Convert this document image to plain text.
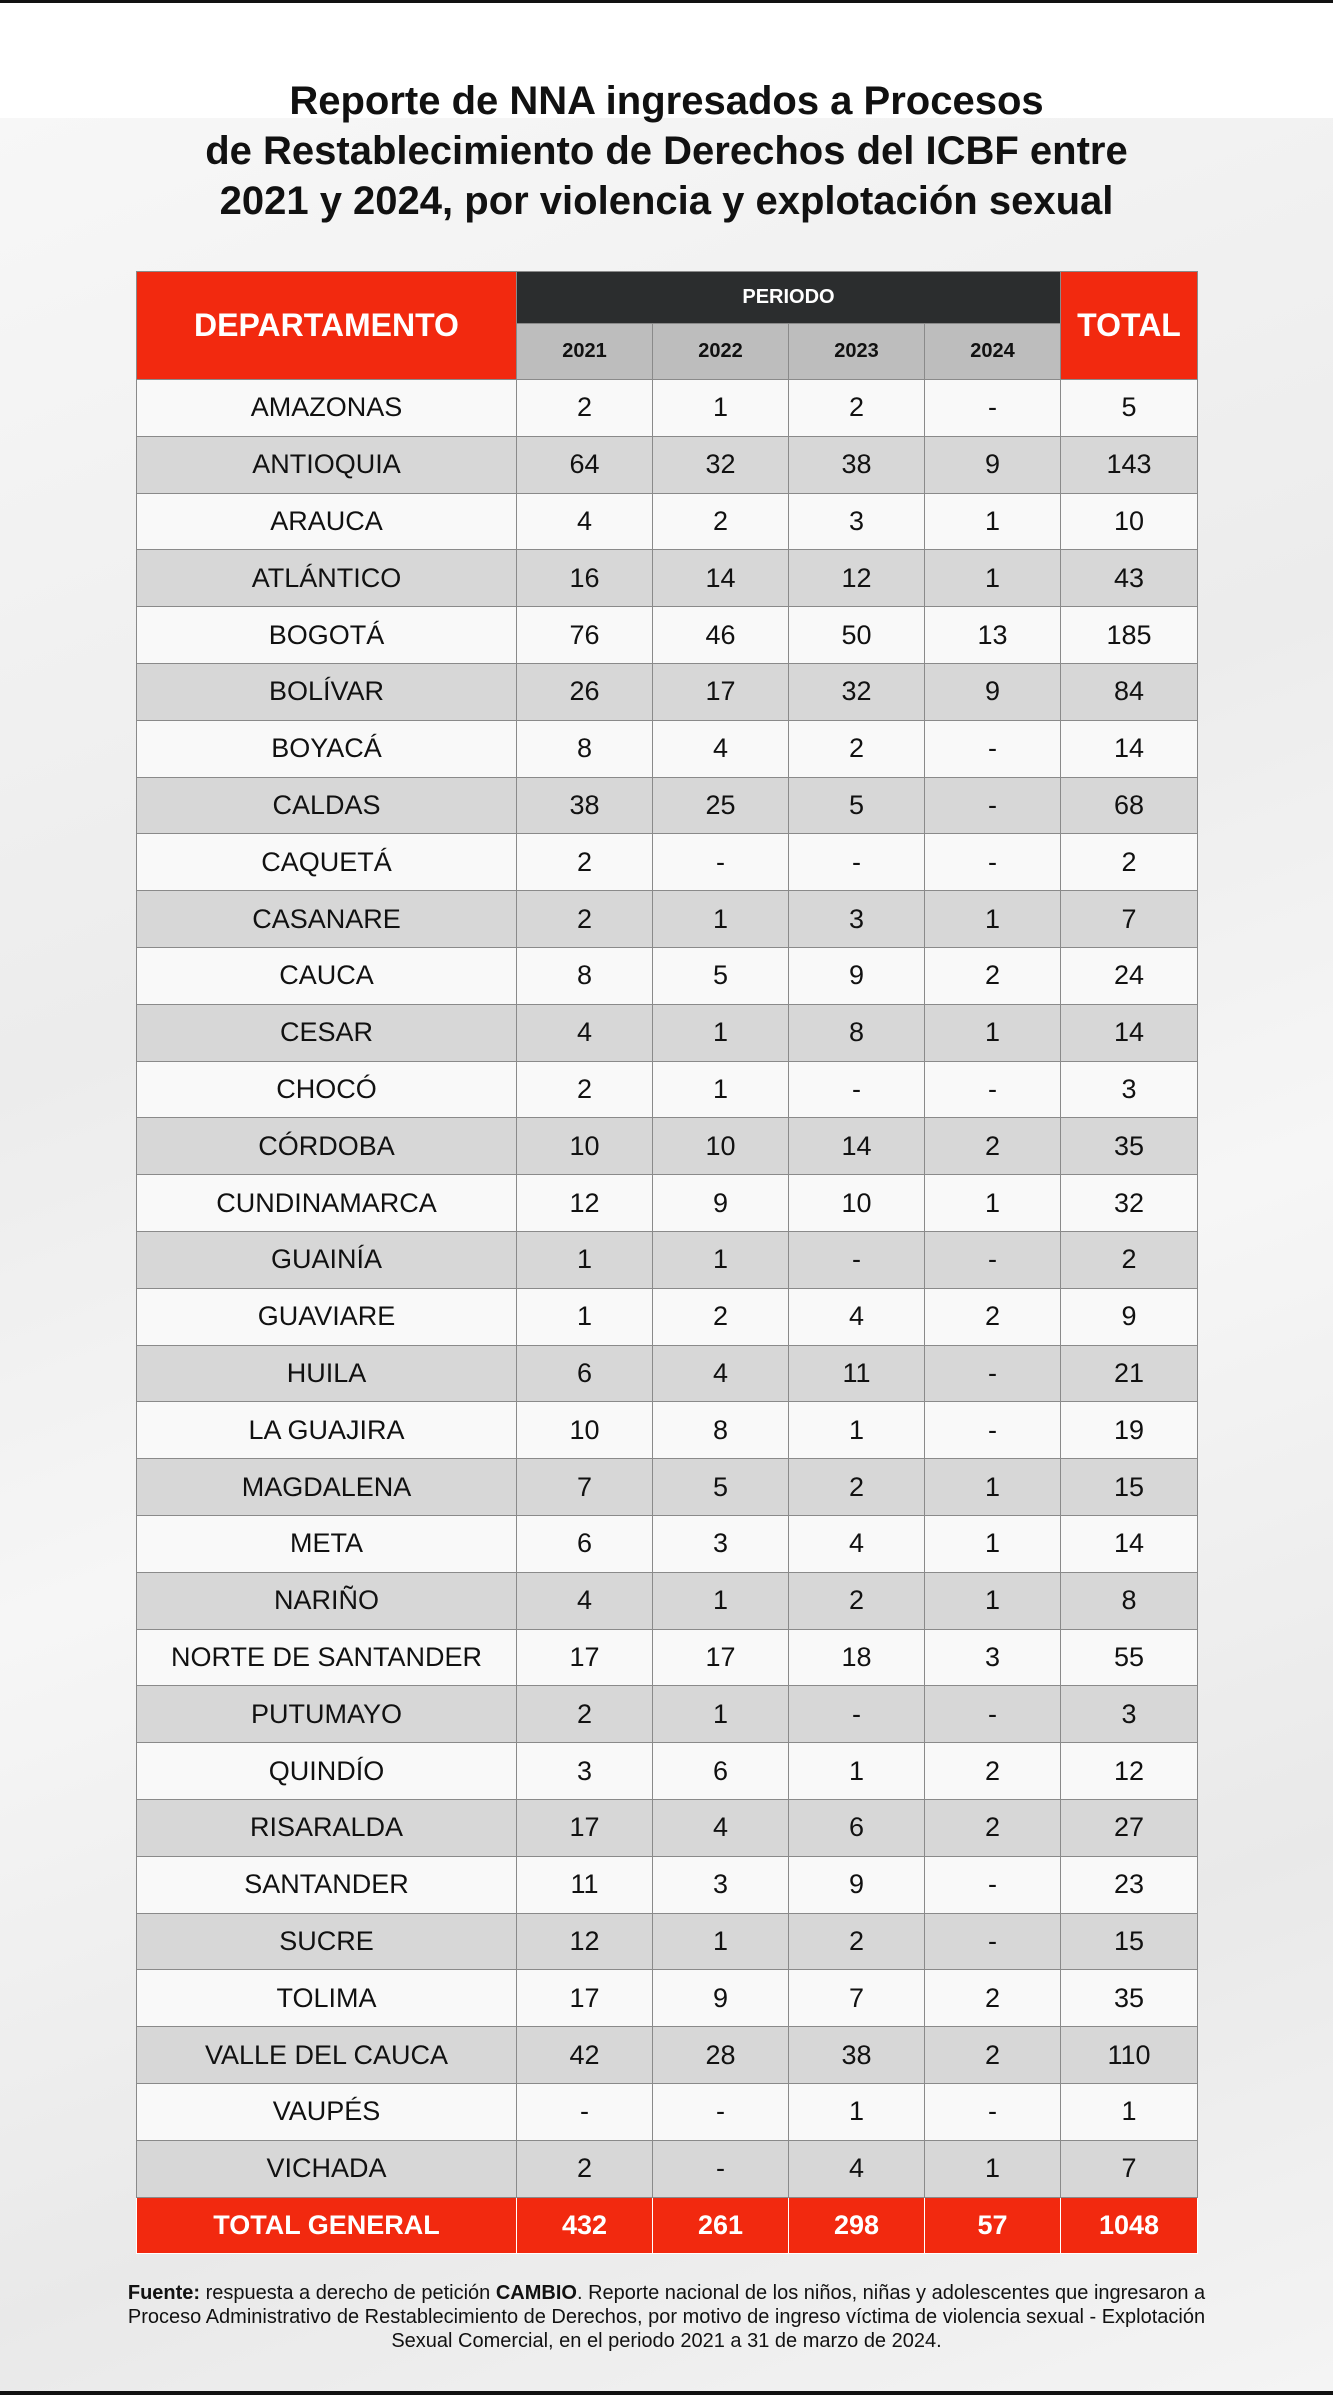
Reporte de NNA ingresados a Procesos
de Restablecimiento de Derechos del ICBF entre
2021 y 2024, por violencia y explotación sexual
DEPARTAMENTO	PERIODO				TOTAL
	2021	2022	2023	2024	
AMAZONAS	2	1	2	-	5
ANTIOQUIA	64	32	38	9	143
ARAUCA	4	2	3	1	10
ATLÁNTICO	16	14	12	1	43
BOGOTÁ	76	46	50	13	185
BOLÍVAR	26	17	32	9	84
BOYACÁ	8	4	2	-	14
CALDAS	38	25	5	-	68
CAQUETÁ	2	-	-	-	2
CASANARE	2	1	3	1	7
CAUCA	8	5	9	2	24
CESAR	4	1	8	1	14
CHOCÓ	2	1	-	-	3
CÓRDOBA	10	10	14	2	35
CUNDINAMARCA	12	9	10	1	32
GUAINÍA	1	1	-	-	2
GUAVIARE	1	2	4	2	9
HUILA	6	4	11	-	21
LA GUAJIRA	10	8	1	-	19
MAGDALENA	7	5	2	1	15
META	6	3	4	1	14
NARIÑO	4	1	2	1	8
NORTE DE SANTANDER	17	17	18	3	55
PUTUMAYO	2	1	-	-	3
QUINDÍO	3	6	1	2	12
RISARALDA	17	4	6	2	27
SANTANDER	11	3	9	-	23
SUCRE	12	1	2	-	15
TOLIMA	17	9	7	2	35
VALLE DEL CAUCA	42	28	38	2	110
VAUPÉS	-	-	1	-	1
VICHADA	2	-	4	1	7
TOTAL GENERAL	432	261	298	57	1048

Fuente: respuesta a derecho de petición CAMBIO. Reporte nacional de los niños, niñas y adolescentes que ingresaron a Proceso Administrativo de Restablecimiento de Derechos, por motivo de ingreso víctima de violencia sexual - Explotación Sexual Comercial, en el periodo 2021 a 31 de marzo de 2024.
